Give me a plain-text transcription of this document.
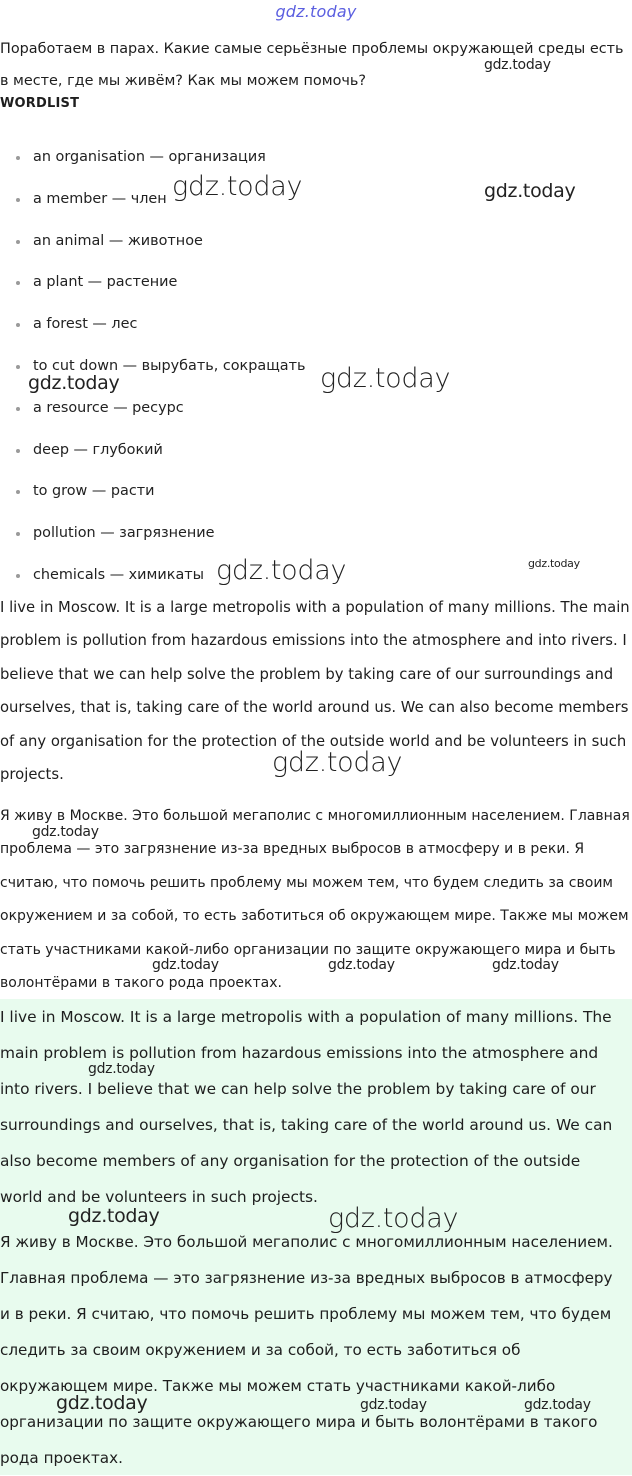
gdz.today
Поработаем в парах. Какие самые серьёзные проблемы окружающей среды есть в месте, где мы живём? Как мы можем помочь?
WORDLIST
an organisation — организация
a member — член
an animal — животное
a plant — растение
a forest — лес
to cut down — вырубать, сокращать
a resource — ресурс
deep — глубокий
to grow — расти
pollution — загрязнение
chemicals — химикаты
I live in Moscow. It is a large metropolis with a population of many millions. The main problem is pollution from hazardous emissions into the atmosphere and into rivers. I believe that we can help solve the problem by taking care of our surroundings and ourselves, that is, taking care of the world around us. We can also become members of any organisation for the protection of the outside world and be volunteers in such projects.
Я живу в Москве. Это большой мегаполис с многомиллионным населением. Главная проблема — это загрязнение из-за вредных выбросов в атмосферу и в реки. Я считаю, что помочь решить проблему мы можем тем, что будем следить за своим окружением и за собой, то есть заботиться об окружающем мире. Также мы можем стать участниками какой-либо организации по защите окружающего мира и быть волонтёрами в такого рода проектах.
I live in Moscow. It is a large metropolis with a population of many millions. The main problem is pollution from hazardous emissions into the atmosphere and into rivers. I believe that we can help solve the problem by taking care of our surroundings and ourselves, that is, taking care of the world around us. We can also become members of any organisation for the protection of the outside world and be volunteers in such projects.
Я живу в Москве. Это большой мегаполис с многомиллионным населением. Главная проблема — это загрязнение из-за вредных выбросов в атмосферу и в реки. Я считаю, что помочь решить проблему мы можем тем, что будем следить за своим окружением и за собой, то есть заботиться об окружающем мире. Также мы можем стать участниками какой-либо организации по защите окружающего мира и быть волонтёрами в такого рода проектах.
gdz.today
gdz.today	gdz.today
gdz.today	gdz.today
gdz.today
gdz.today
gdz.today
gdz.today
gdz.today	gdz.today	gdz.today
gdz.today
gdz.today	gdz.today
gdz.today	gdz.today
gdz.today
